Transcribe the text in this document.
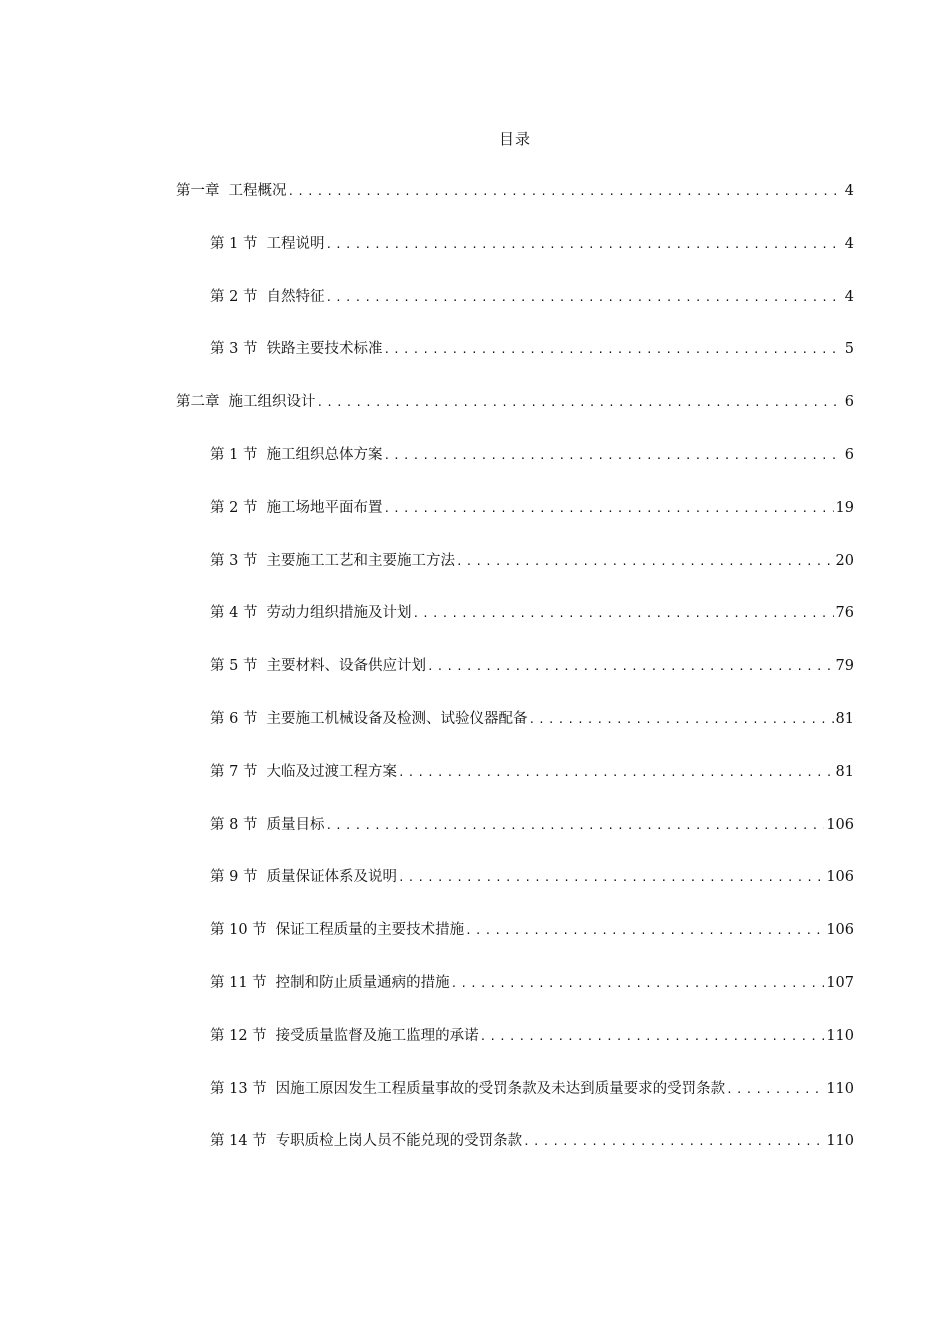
目录
第一章 工程概况 .....	4
第 1 节 工程说明 .....	4
第 2 节 自然特征 .....	4
第 3 节 铁路主要技术标准 .....	5
第二章 施工组织设计 .....	6
第 1 节 施工组织总体方案 .....	6
第 2 节 施工场地平面布置 .....	19
第 3 节 主要施工工艺和主要施工方法 .....	20
第 4 节 劳动力组织措施及计划 .....	76
第 5 节 主要材料、设备供应计划 .....	79
第 6 节 主要施工机械设备及检测、试验仪器配备 .....	81
第 7 节 大临及过渡工程方案 .....	81
第 8 节 质量目标 .....	106
第 9 节 质量保证体系及说明 .....	106
第 10 节 保证工程质量的主要技术措施 .....	106
第 11 节 控制和防止质量通病的措施 .....	107
第 12 节 接受质量监督及施工监理的承诺 .....	110
第 13 节 因施工原因发生工程质量事故的受罚条款及未达到质量要求的受罚条款 .....	110
第 14 节 专职质检上岗人员不能兑现的受罚条款 .....	110
